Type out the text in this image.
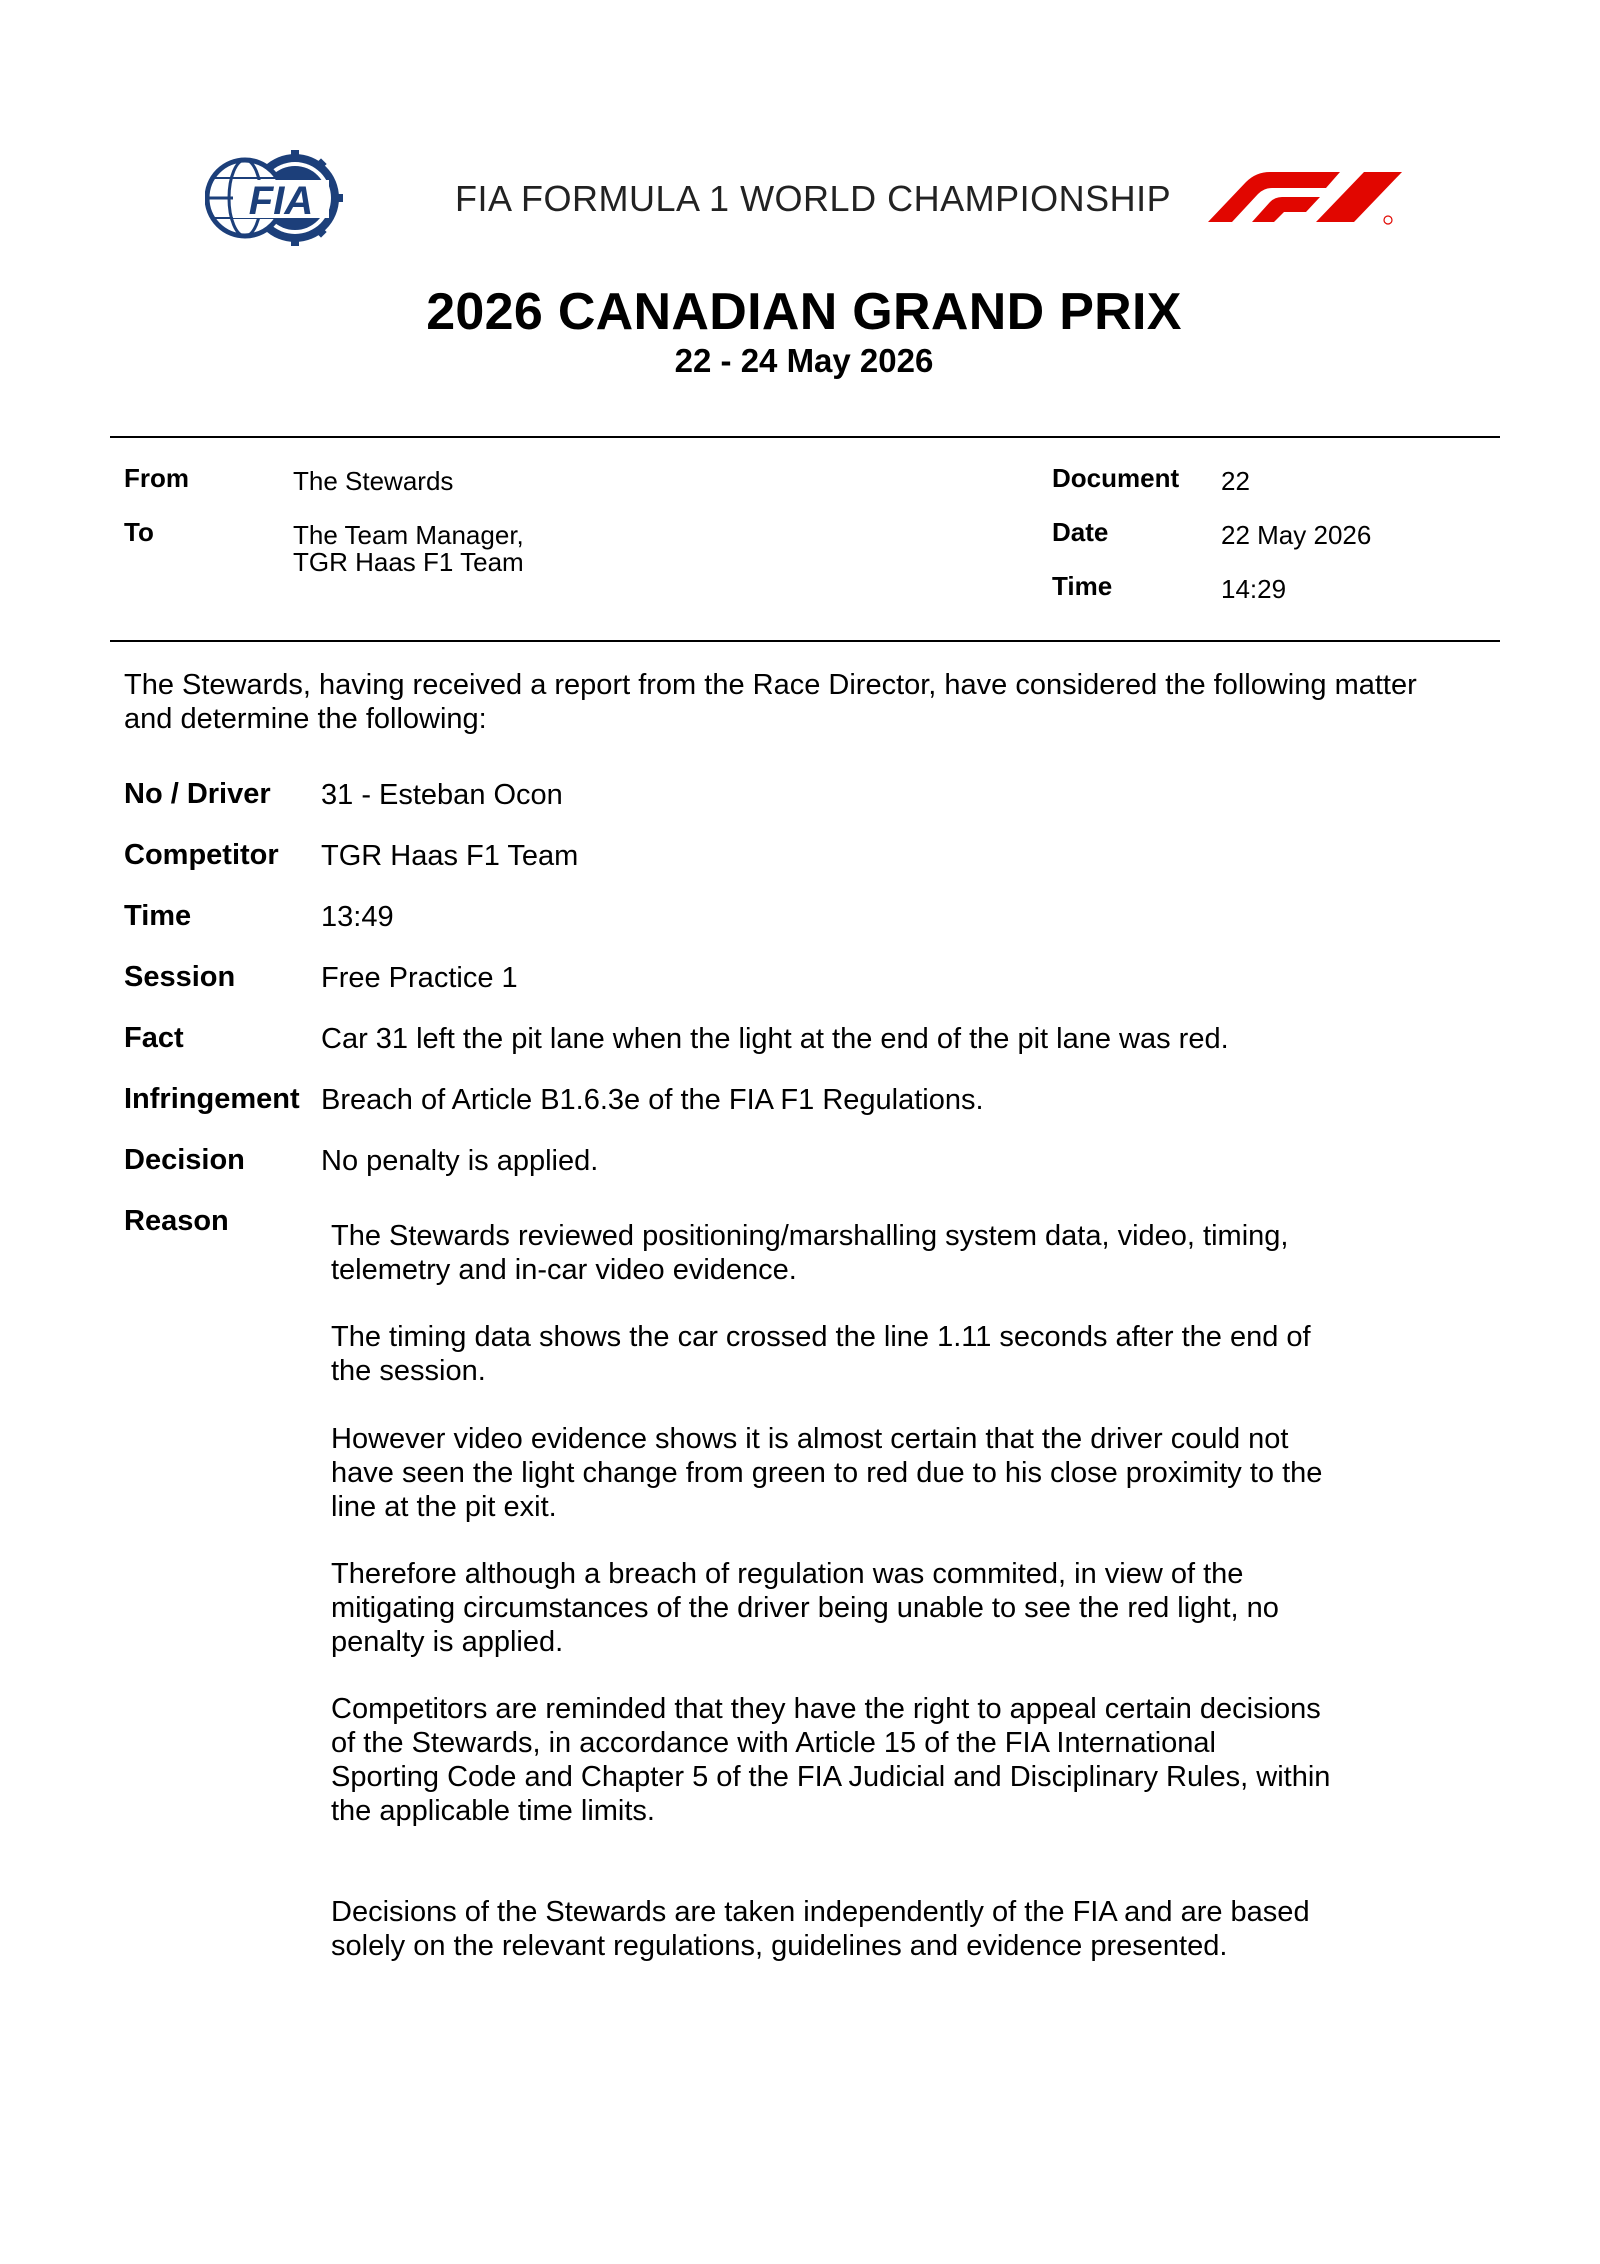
FIA	FIA FORMULA 1 WORLD CHAMPIONSHIP
2026 CANADIAN GRAND PRIX
22 - 24 May 2026
From	The Stewards
To	The Team Manager,
TGR Haas F1 Team
Document 22
Date	22 May 2026
Time	14:29
The Stewards, having received a report from the Race Director, have considered the following matter and determine the following:
No / Driver 31 - Esteban Ocon
Competitor TGR Haas F1 Team
Time	13:49
Session	Free Practice 1
Fact	Car 31 left the pit lane when the light at the end of the pit lane was red.
Infringement Breach of Article B1.6.3e of the FIA F1 Regulations.
Decision	No penalty is applied.
Reason	The Stewards reviewed positioning/marshalling system data, video, timing, telemetry and in-car video evidence.
The timing data shows the car crossed the line 1.11 seconds after the end of the session.
However video evidence shows it is almost certain that the driver could not have seen the light change from green to red due to his close proximity to the line at the pit exit.
Therefore although a breach of regulation was commited, in view of the mitigating circumstances of the driver being unable to see the red light, no penalty is applied.
Competitors are reminded that they have the right to appeal certain decisions of the Stewards, in accordance with Article 15 of the FIA International Sporting Code and Chapter 5 of the FIA Judicial and Disciplinary Rules, within the applicable time limits.
Decisions of the Stewards are taken independently of the FIA and are based solely on the relevant regulations, guidelines and evidence presented.
